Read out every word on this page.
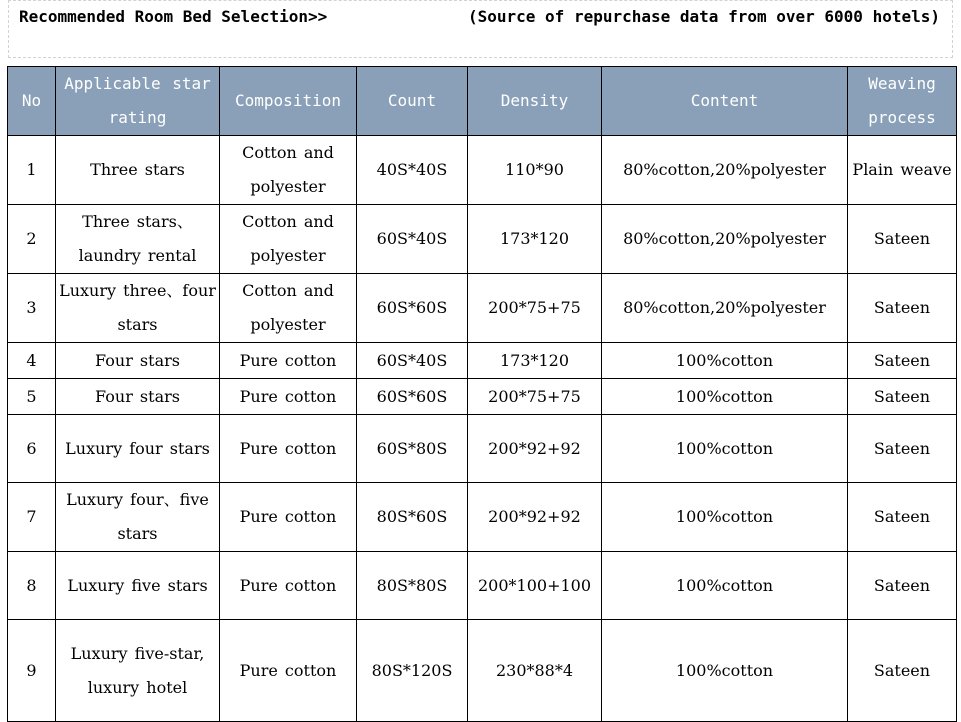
Recommended Room Bed Selection>>	(Source of repurchase data from over 6000 hotels)
No	Applicable star rating	Composition	Count	Density	Content	Weaving process
1	Three stars	Cotton and polyester	40S*40S	110*90	80%cotton,20%polyester	Plain weave
2	Three stars、laundry rental	Cotton and polyester	60S*40S	173*120	80%cotton,20%polyester	Sateen
3	Luxury three、four stars	Cotton and polyester	60S*60S	200*75+75	80%cotton,20%polyester	Sateen
4	Four stars	Pure cotton	60S*40S	173*120	100%cotton	Sateen
5	Four stars	Pure cotton	60S*60S	200*75+75	100%cotton	Sateen
6	Luxury four stars	Pure cotton	60S*80S	200*92+92	100%cotton	Sateen
7	Luxury four、five stars	Pure cotton	80S*60S	200*92+92	100%cotton	Sateen
8	Luxury five stars	Pure cotton	80S*80S	200*100+100	100%cotton	Sateen
9	Luxury five-star, luxury hotel	Pure cotton	80S*120S	230*88*4	100%cotton	Sateen
